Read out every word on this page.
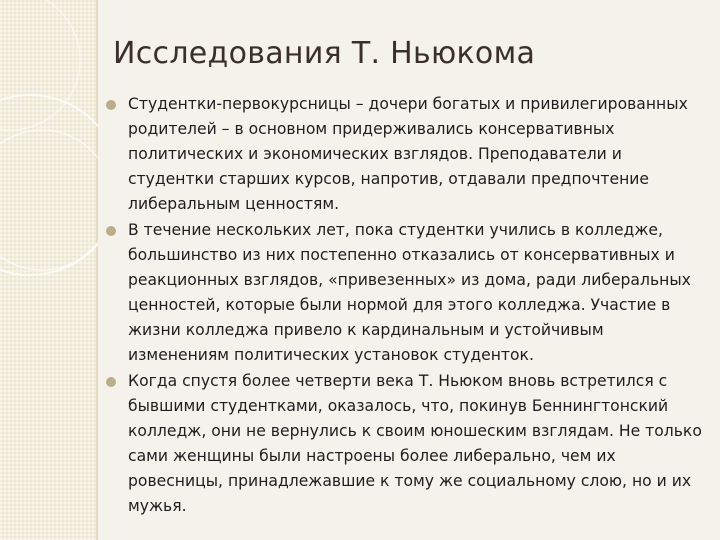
Исследования Т. Ньюкома
Студентки-первокурсницы – дочери богатых и привилегированных родителей – в основном придерживались консервативных политических и экономических взглядов. Преподаватели и студентки старших курсов, напротив, отдавали предпочтение либеральным ценностям.
В течение нескольких лет, пока студентки учились в колледже, большинство из них постепенно отказались от консервативных и реакционных взглядов, «привезенных» из дома, ради либеральных ценностей, которые были нормой для этого колледжа. Участие в жизни колледжа привело к кардинальным и устойчивым изменениям политических установок студенток.
Когда спустя более четверти века Т. Ньюком вновь встретился с бывшими студентками, оказалось, что, покинув Беннингтонский колледж, они не вернулись к своим юношеским взглядам. Не только сами женщины были настроены более либерально, чем их ровесницы, принадлежавшие к тому же социальному слою, но и их мужья.
